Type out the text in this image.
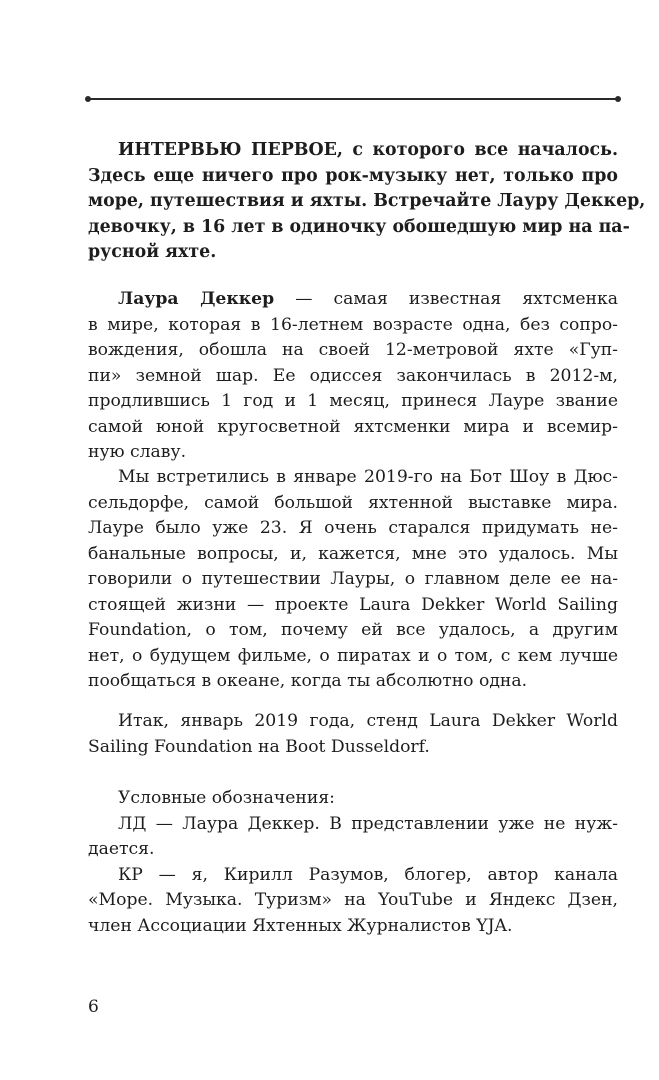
ИНТЕРВЬЮ ПЕРВОЕ, с которого все началось.
Здесь еще ничего про рок-музыку нет, только про
море, путешествия и яхты. Встречайте Лауру Деккер,
девочку, в 16 лет в одиночку обошедшую мир на па-
русной яхте.
Лаура Деккер — самая известная яхтсменка
в мире, которая в 16-летнем возрасте одна, без сопро-
вождения, обошла на своей 12-метровой яхте «Гуп-
пи» земной шар. Ее одиссея закончилась в 2012-м,
продлившись 1 год и 1 месяц, принеся Лауре звание
самой юной кругосветной яхтсменки мира и всемир-
ную славу.
Мы встретились в январе 2019-го на Бот Шоу в Дюс-
сельдорфе, самой большой яхтенной выставке мира.
Лауре было уже 23. Я очень старался придумать не-
банальные вопросы, и, кажется, мне это удалось. Мы
говорили о путешествии Лауры, о главном деле ее на-
стоящей жизни — проекте Laura Dekker World Sailing
Foundation, о том, почему ей все удалось, а другим
нет, о будущем фильме, о пиратах и о том, с кем лучше
пообщаться в океане, когда ты абсолютно одна.
Итак, январь 2019 года, стенд Laura Dekker World
Sailing Foundation на Boot Dusseldorf.
Условные обозначения:
ЛД — Лаура Деккер. В представлении уже не нуж-
дается.
КР — я, Кирилл Разумов, блогер, автор канала
«Море. Музыка. Туризм» на YouTube и Яндекс Дзен,
член Ассоциации Яхтенных Журналистов YJA.
6
